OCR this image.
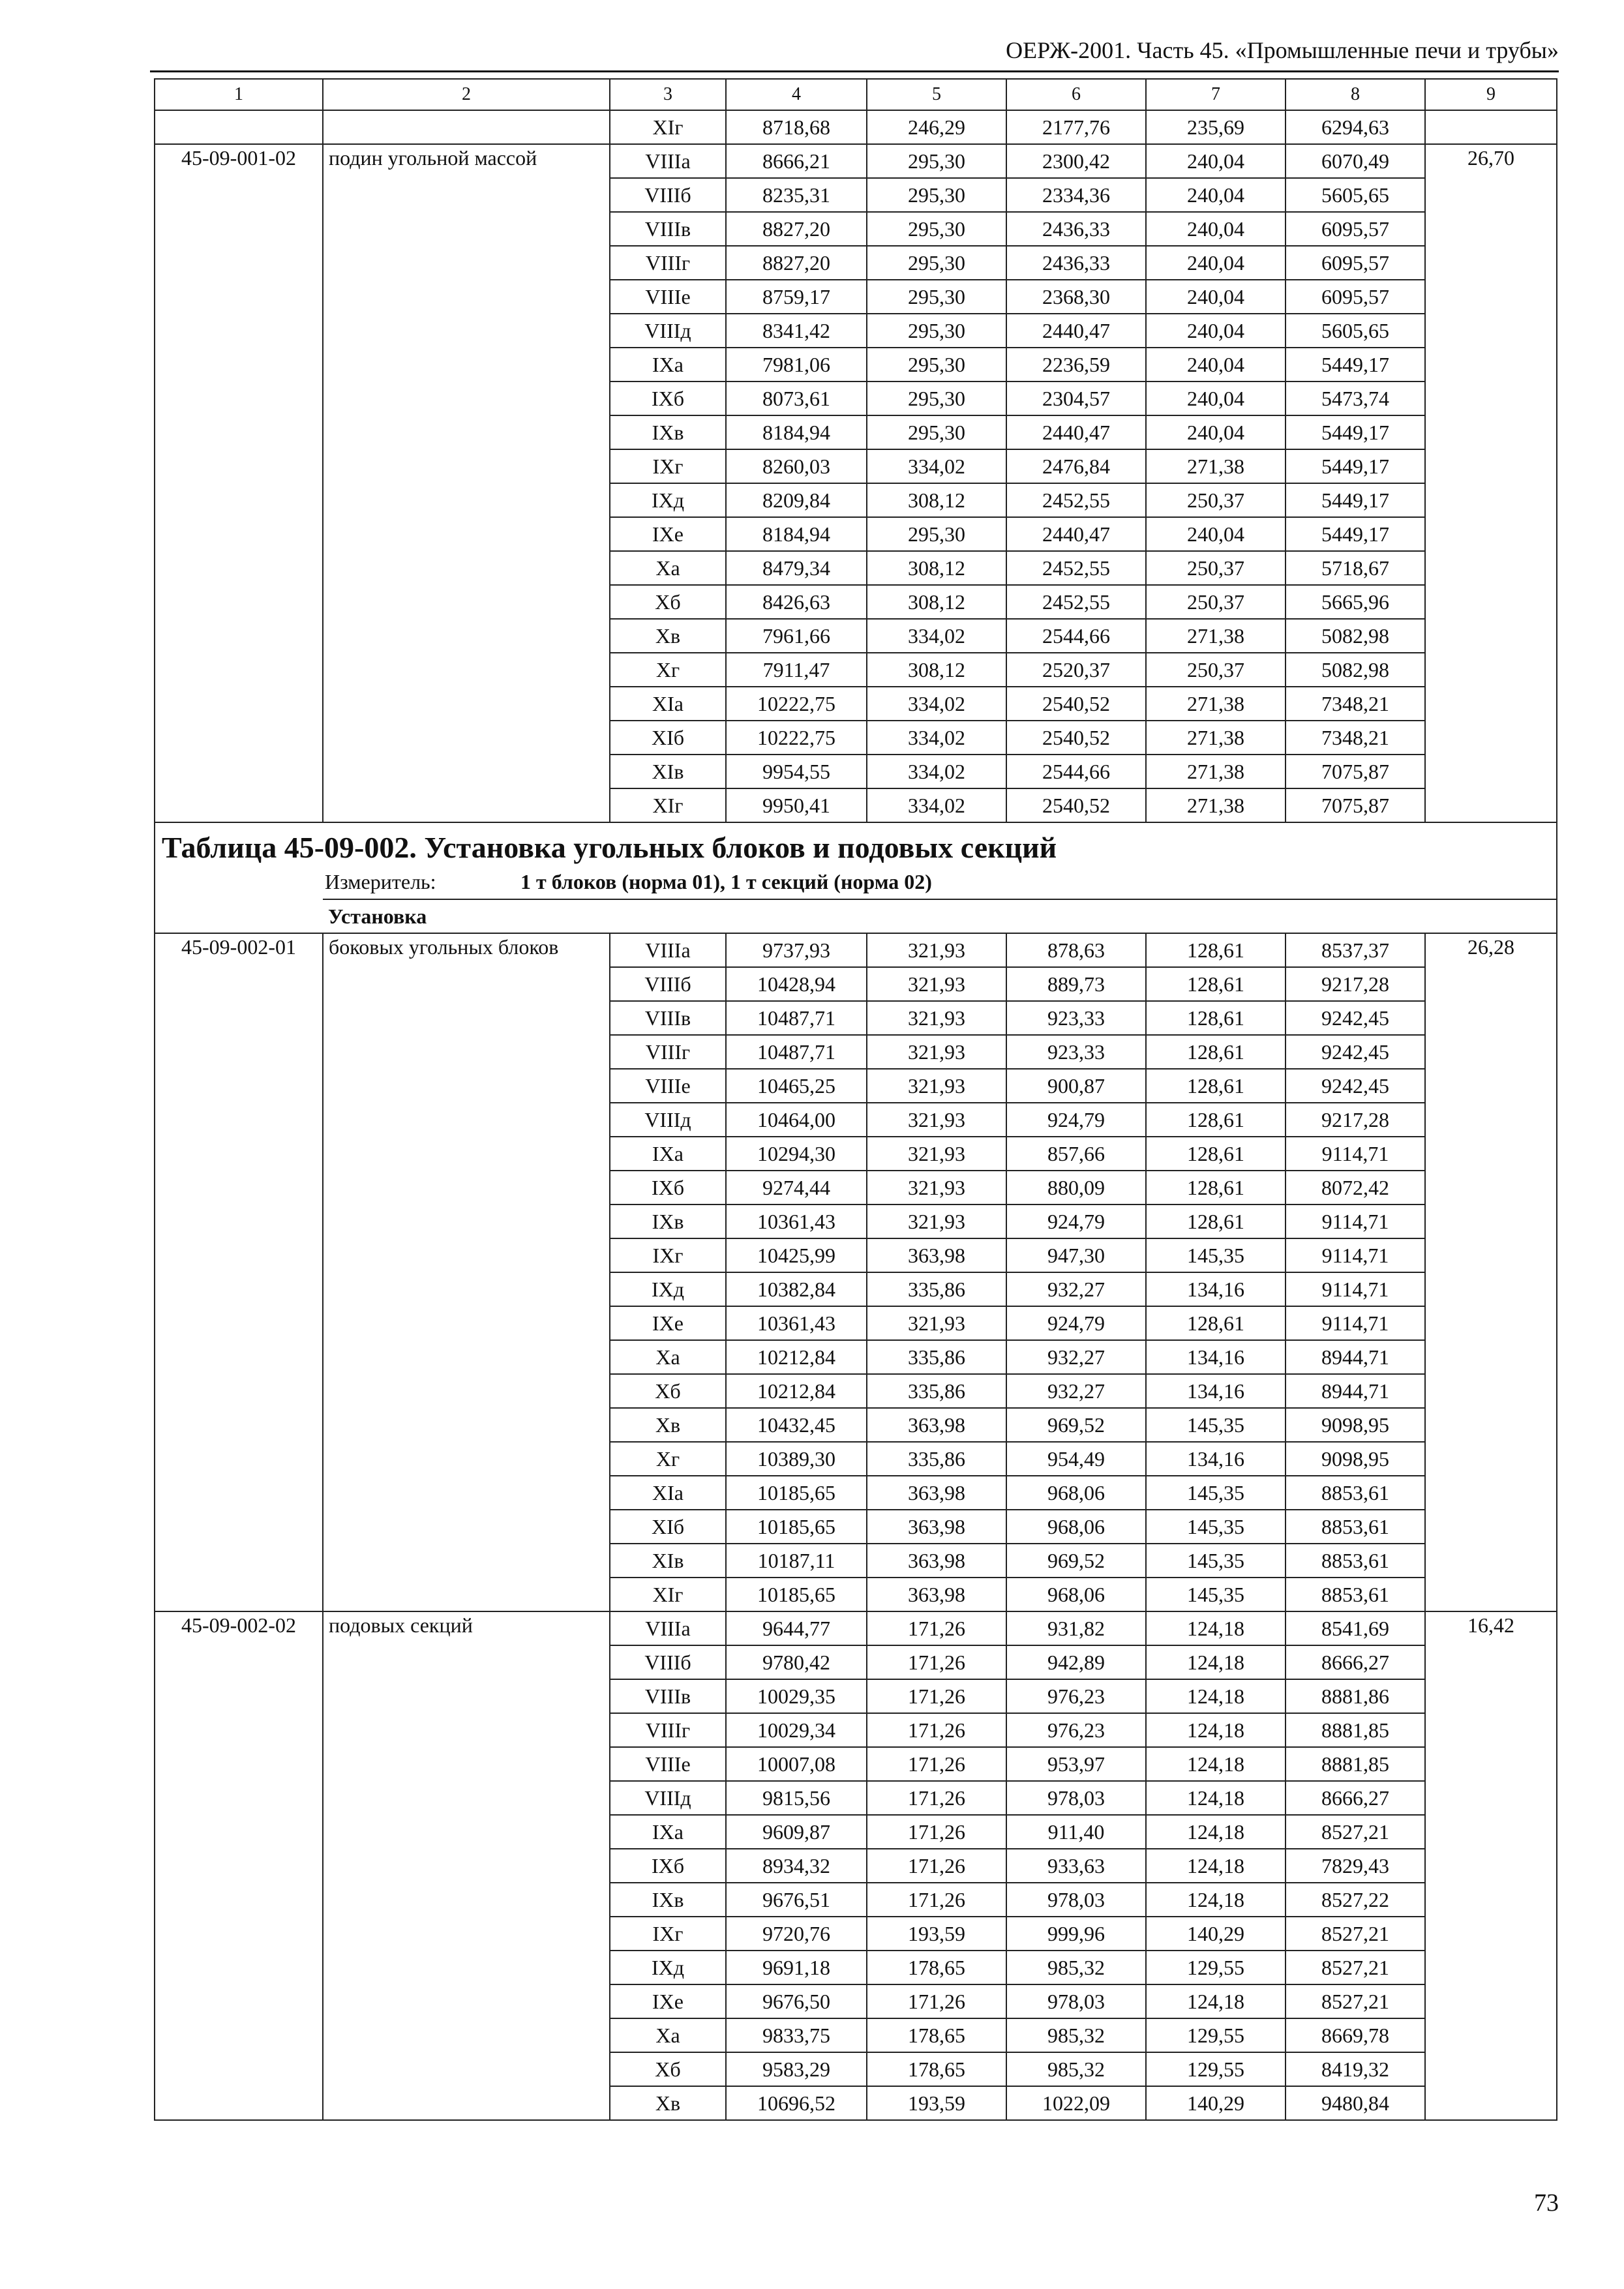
ОЕРЖ-2001. Часть 45. «Промышленные печи и трубы»
1	2	3	4	5	6	7	8	9
		ХIг	8718,68	246,29	2177,76	235,69	6294,63	
45-09-001-02	подин угольной массой	VIIIа	8666,21	295,30	2300,42	240,04	6070,49	26,70
		VIIIб	8235,31	295,30	2334,36	240,04	5605,65	
		VIIIв	8827,20	295,30	2436,33	240,04	6095,57	
		VIIIг	8827,20	295,30	2436,33	240,04	6095,57	
		VIIIе	8759,17	295,30	2368,30	240,04	6095,57	
		VIIIд	8341,42	295,30	2440,47	240,04	5605,65	
		IХа	7981,06	295,30	2236,59	240,04	5449,17	
		IХб	8073,61	295,30	2304,57	240,04	5473,74	
		IХв	8184,94	295,30	2440,47	240,04	5449,17	
		IХг	8260,03	334,02	2476,84	271,38	5449,17	
		IХд	8209,84	308,12	2452,55	250,37	5449,17	
		IХе	8184,94	295,30	2440,47	240,04	5449,17	
		Ха	8479,34	308,12	2452,55	250,37	5718,67	
		Хб	8426,63	308,12	2452,55	250,37	5665,96	
		Хв	7961,66	334,02	2544,66	271,38	5082,98	
		Хг	7911,47	308,12	2520,37	250,37	5082,98	
		ХIа	10222,75	334,02	2540,52	271,38	7348,21	
		ХIб	10222,75	334,02	2540,52	271,38	7348,21	
		ХIв	9954,55	334,02	2544,66	271,38	7075,87	
		ХIг	9950,41	334,02	2540,52	271,38	7075,87	

Таблица 45-09-002. Установка угольных блоков и подовых секций
Измеритель: 1 т блоков (норма 01), 1 т секций (норма 02)								

	Установка							
45-09-002-01	боковых угольных блоков	VIIIа	9737,93	321,93	878,63	128,61	8537,37	26,28
		VIIIб	10428,94	321,93	889,73	128,61	9217,28	
		VIIIв	10487,71	321,93	923,33	128,61	9242,45	
		VIIIг	10487,71	321,93	923,33	128,61	9242,45	
		VIIIе	10465,25	321,93	900,87	128,61	9242,45	
		VIIIд	10464,00	321,93	924,79	128,61	9217,28	
		IХа	10294,30	321,93	857,66	128,61	9114,71	
		IХб	9274,44	321,93	880,09	128,61	8072,42	
		IХв	10361,43	321,93	924,79	128,61	9114,71	
		IХг	10425,99	363,98	947,30	145,35	9114,71	
		IХд	10382,84	335,86	932,27	134,16	9114,71	
		IХе	10361,43	321,93	924,79	128,61	9114,71	
		Ха	10212,84	335,86	932,27	134,16	8944,71	
		Хб	10212,84	335,86	932,27	134,16	8944,71	
		Хв	10432,45	363,98	969,52	145,35	9098,95	
		Хг	10389,30	335,86	954,49	134,16	9098,95	
		ХIа	10185,65	363,98	968,06	145,35	8853,61	
		ХIб	10185,65	363,98	968,06	145,35	8853,61	
		ХIв	10187,11	363,98	969,52	145,35	8853,61	
		ХIг	10185,65	363,98	968,06	145,35	8853,61	
45-09-002-02	подовых секций	VIIIа	9644,77	171,26	931,82	124,18	8541,69	16,42
		VIIIб	9780,42	171,26	942,89	124,18	8666,27	
		VIIIв	10029,35	171,26	976,23	124,18	8881,86	
		VIIIг	10029,34	171,26	976,23	124,18	8881,85	
		VIIIе	10007,08	171,26	953,97	124,18	8881,85	
		VIIIд	9815,56	171,26	978,03	124,18	8666,27	
		IХа	9609,87	171,26	911,40	124,18	8527,21	
		IХб	8934,32	171,26	933,63	124,18	7829,43	
		IХв	9676,51	171,26	978,03	124,18	8527,22	
		IХг	9720,76	193,59	999,96	140,29	8527,21	
		IХд	9691,18	178,65	985,32	129,55	8527,21	
		IХе	9676,50	171,26	978,03	124,18	8527,21	
		Ха	9833,75	178,65	985,32	129,55	8669,78	
		Хб	9583,29	178,65	985,32	129,55	8419,32	
		Хв	10696,52	193,59	1022,09	140,29	9480,84	
73
